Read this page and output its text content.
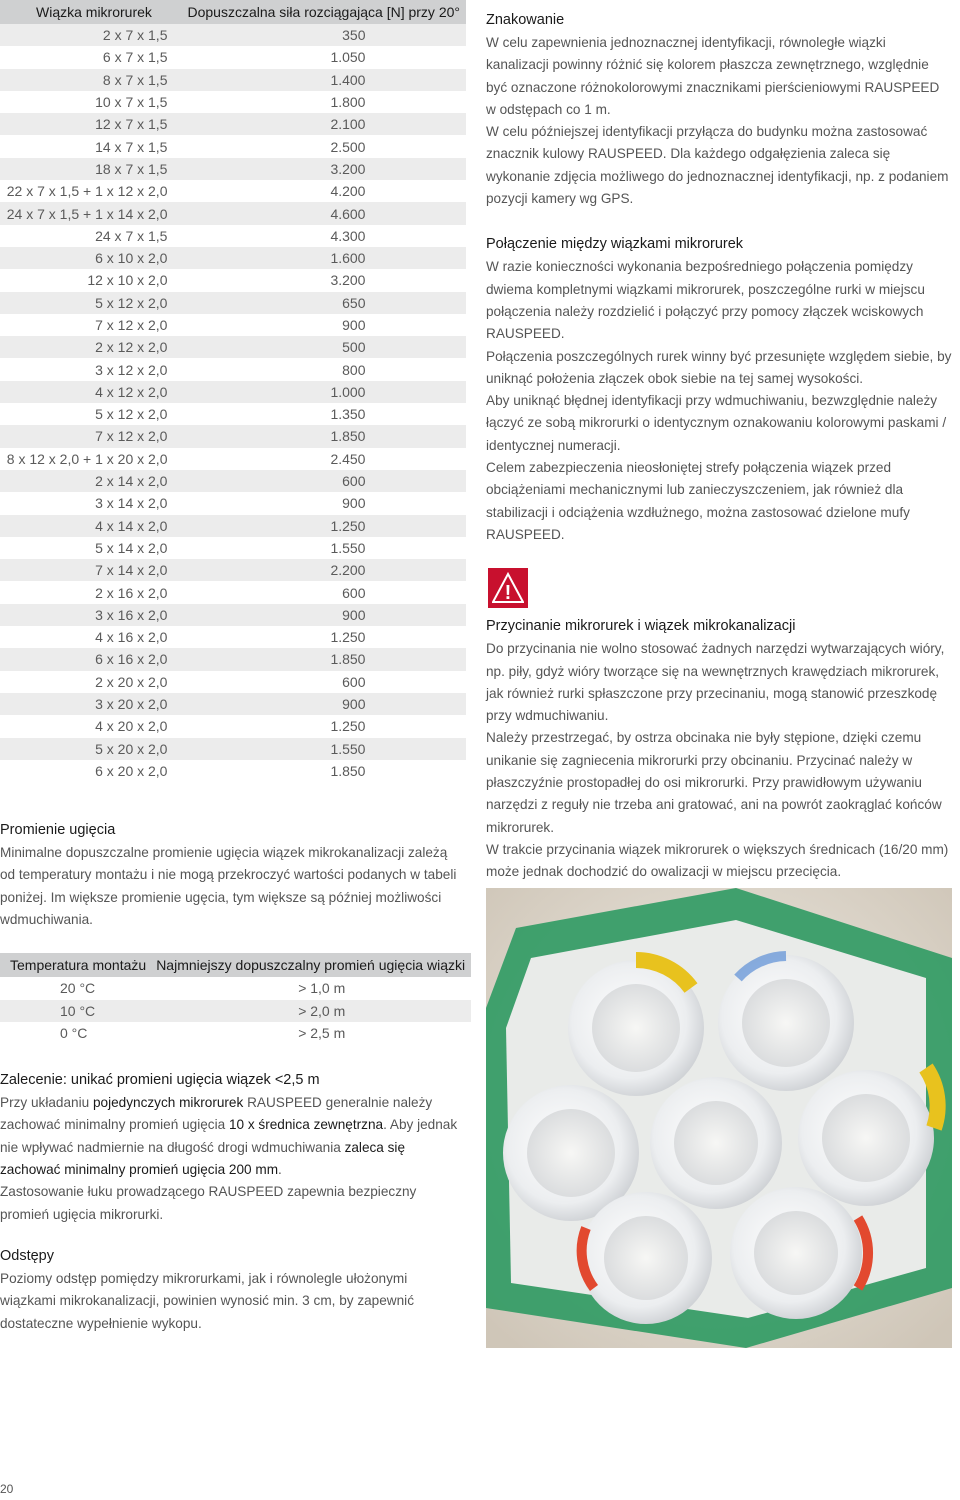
Wiązka mikrorurek	Dopuszczalna siła rozciągająca [N] przy 20°	
2 x 7 x 1,5	350	
6 x 7 x 1,5	1.050	
8 x 7 x 1,5	1.400	
10 x 7 x 1,5	1.800	
12 x 7 x 1,5	2.100	
14 x 7 x 1,5	2.500	
18 x 7 x 1,5	3.200	
22 x 7 x 1,5 + 1 x 12 x 2,0	4.200	
24 x 7 x 1,5 + 1 x 14 x 2,0	4.600	
24 x 7 x 1,5	4.300	
6 x 10 x 2,0	1.600	
12 x 10 x 2,0	3.200	
5 x 12 x 2,0	650	
7 x 12 x 2,0	900	
2 x 12 x 2,0	500	
3 x 12 x 2,0	800	
4 x 12 x 2,0	1.000	
5 x 12 x 2,0	1.350	
7 x 12 x 2,0	1.850	
8 x 12 x 2,0 + 1 x 20 x 2,0	2.450	
2 x 14 x 2,0	600	
3 x 14 x 2,0	900	
4 x 14 x 2,0	1.250	
5 x 14 x 2,0	1.550	
7 x 14 x 2,0	2.200	
2 x 16 x 2,0	600	
3 x 16 x 2,0	900	
4 x 16 x 2,0	1.250	
6 x 16 x 2,0	1.850	
2 x 20 x 2,0	600	
3 x 20 x 2,0	900	
4 x 20 x 2,0	1.250	
5 x 20 x 2,0	1.550	
6 x 20 x 2,0	1.850	
Promienie ugięcia

Minimalne dopuszczalne promienie ugięcia wiązek mikrokanalizacji zależą od temperatury montażu i nie mogą przekroczyć wartości podanych w tabeli poniżej. Im większe promienie ugęcia, tym większe są później możliwości wdmuchiwania.

Temperatura montażu	Najmniejszy dopuszczalny promień ugięcia wiązki
20 °C	> 1,0 m
10 °C	> 2,0 m
0 °C	> 2,5 m
Zalecenie: unikać promieni ugięcia wiązek <2,5 m

Przy układaniu pojedynczych mikrorurek RAUSPEED generalnie należy zachować minimalny promień ugięcia 10 x średnica zewnętrzna. Aby jednak nie wpływać nadmiernie na długość drogi wdmuchiwania zaleca się zachować minimalny promień ugięcia 200 mm.

Zastosowanie łuku prowadzącego RAUSPEED zapewnia bezpieczny promień ugięcia mikrorurki.

Odstępy

Poziomy odstęp pomiędzy mikrorurkami, jak i równolegle ułożonymi wiązkami mikrokanalizacji, powinien wynosić min. 3 cm, by zapewnić dostateczne wypełnienie wykopu.

Znakowanie

W celu zapewnienia jednoznacznej identyfikacji, równoległe wiązki kanalizacji powinny różnić się kolorem płaszcza zewnętrznego, względnie być oznaczone różnokolorowymi znacznikami pierścieniowymi RAUSPEED w odstępach co 1 m.

W celu późniejszej identyfikacji przyłącza do budynku można zastosować znacznik kulowy RAUSPEED. Dla każdego odgałęzienia zaleca się wykonanie zdjęcia możliwego do jednoznacznej identyfikacji, np. z podaniem pozycji kamery wg GPS.

Połączenie między wiązkami mikrorurek

W razie konieczności wykonania bezpośredniego połączenia pomiędzy dwiema kompletnymi wiązkami mikrorurek, poszczególne rurki w miejscu połączenia należy rozdzielić i połączyć przy pomocy złączek wciskowych RAUSPEED.

Połączenia poszczególnych rurek winny być przesunięte względem siebie, by uniknąć położenia złączek obok siebie na tej samej wysokości.

Aby uniknąć błędnej identyfikacji przy wdmuchiwaniu, bezwzględnie należy łączyć ze sobą mikrorurki o identycznym oznakowaniu kolorowymi paskami / identycznej numeracji.

Celem zabezpieczenia nieosłoniętej strefy połączenia wiązek przed obciążeniami mechanicznymi lub zanieczyszczeniem, jak również dla stabilizacji i odciążenia wzdłużnego, można zastosować dzielone mufy RAUSPEED.

!
Przycinanie mikrorurek i wiązek mikrokanalizacji

Do przycinania nie wolno stosować żadnych narzędzi wytwarzających wióry, np. piły, gdyż wióry tworzące się na wewnętrznych krawędziach mikrorurek, jak również rurki spłaszczone przy przecinaniu, mogą stanowić przeszkodę przy wdmuchiwaniu.

Należy przestrzegać, by ostrza obcinaka nie były stępione, dzięki czemu unikanie się zagniecenia mikrorurki przy obcinaniu. Przycinać należy w płaszczyźnie prostopadłej do osi mikrorurki. Przy prawidłowym używaniu narzędzi z reguły nie trzeba ani gratować, ani na powrót zaokrąglać końców mikrorurek.

W trakcie przycinania wiązek mikrorurek o większych średnicach (16/20 mm) może jednak dochodzić do owalizacji w miejscu przecięcia.

20
